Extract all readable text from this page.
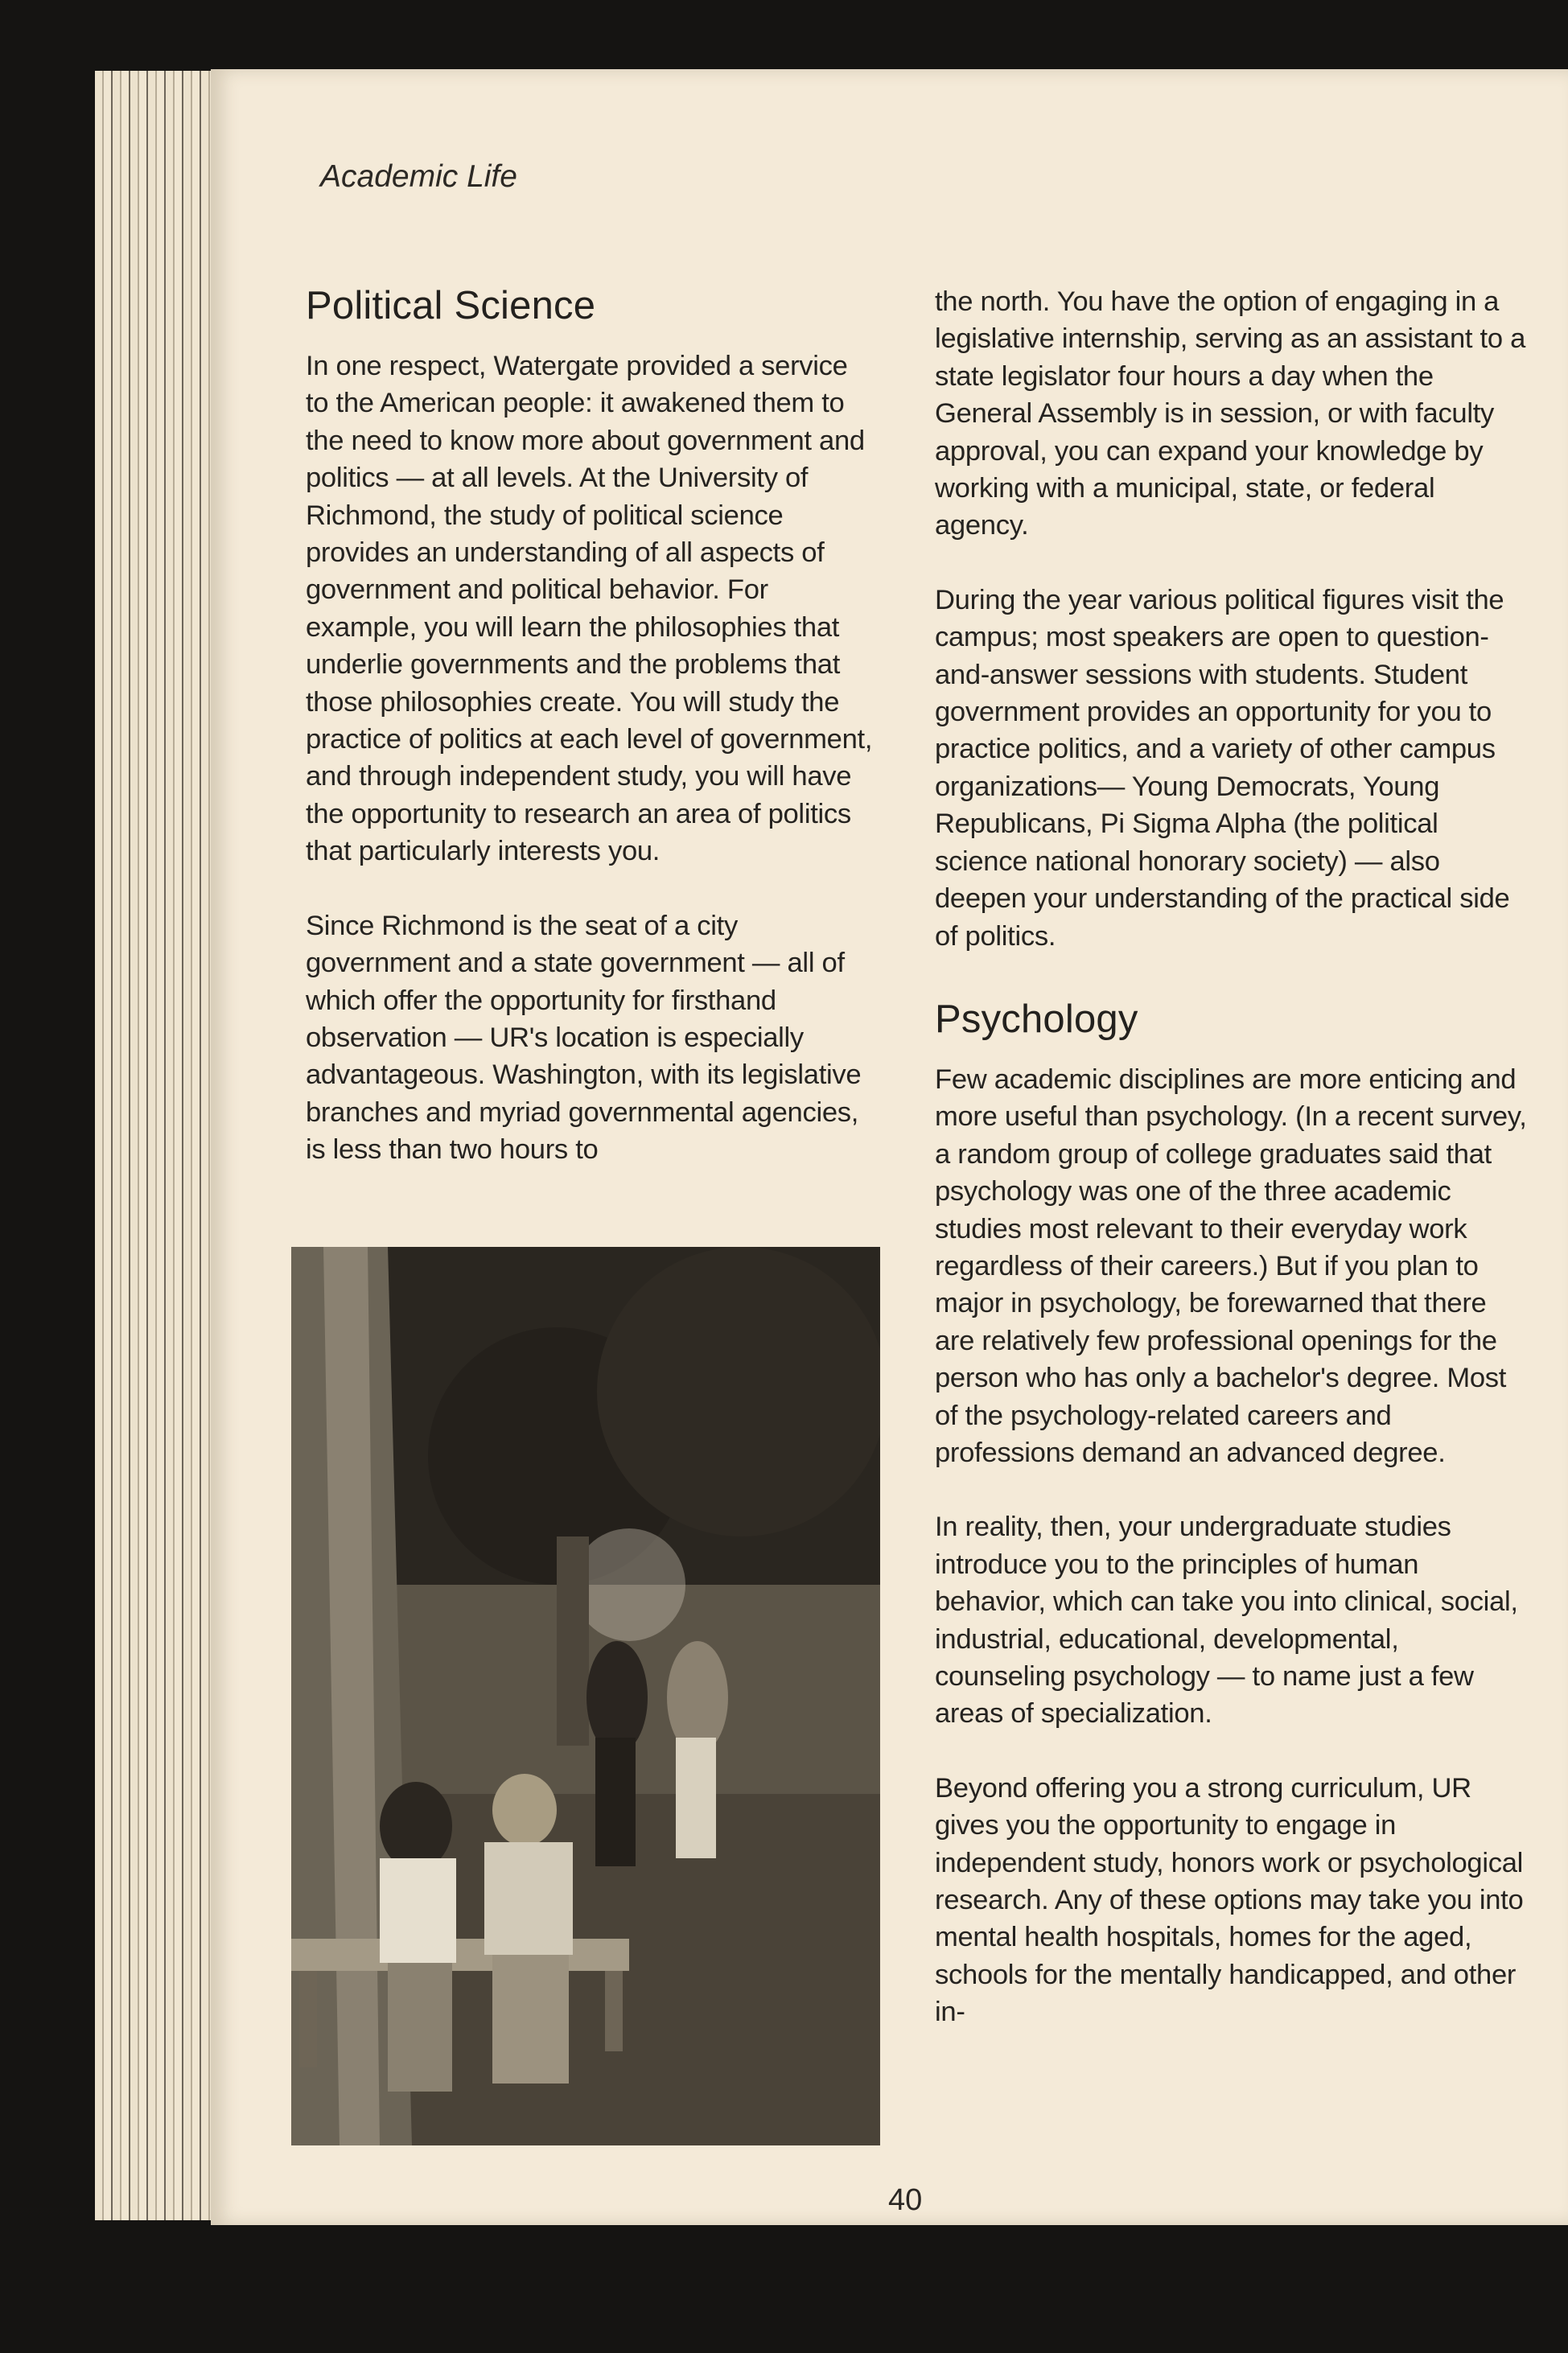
Academic Life
Political Science

In one respect, Watergate provided a service to the American people: it awakened them to the need to know more about government and politics — at all levels. At the University of Richmond, the study of political science provides an understanding of all aspects of government and political behavior. For example, you will learn the philosophies that underlie governments and the problems that those philosophies create. You will study the practice of politics at each level of government, and through independent study, you will have the opportunity to research an area of politics that particularly interests you.

Since Richmond is the seat of a city government and a state government — all of which offer the opportunity for firsthand observation — UR's location is especially advantageous. Washington, with its legislative branches and myriad governmental agencies, is less than two hours to

the north. You have the option of engaging in a legislative internship, serving as an assistant to a state legislator four hours a day when the General Assembly is in session, or with faculty approval, you can expand your knowledge by working with a municipal, state, or federal agency.

During the year various political figures visit the campus; most speakers are open to question-and-answer sessions with students. Student government provides an opportunity for you to practice politics, and a variety of other campus organizations— Young Democrats, Young Republicans, Pi Sigma Alpha (the political science national honorary society) — also deepen your understanding of the practical side of politics.

Psychology

Few academic disciplines are more enticing and more useful than psychology. (In a recent survey, a random group of college graduates said that psychology was one of the three academic studies most relevant to their everyday work regardless of their careers.) But if you plan to major in psychology, be forewarned that there are relatively few professional openings for the person who has only a bachelor's degree. Most of the psychology-related careers and professions demand an advanced degree.

In reality, then, your undergraduate studies introduce you to the principles of human behavior, which can take you into clinical, social, industrial, educational, developmental, counseling psychology — to name just a few areas of specialization.

Beyond offering you a strong curriculum, UR gives you the opportunity to engage in independent study, honors work or psychological research. Any of these options may take you into mental health hospitals, homes for the aged, schools for the mentally handicapped, and other in-

40
